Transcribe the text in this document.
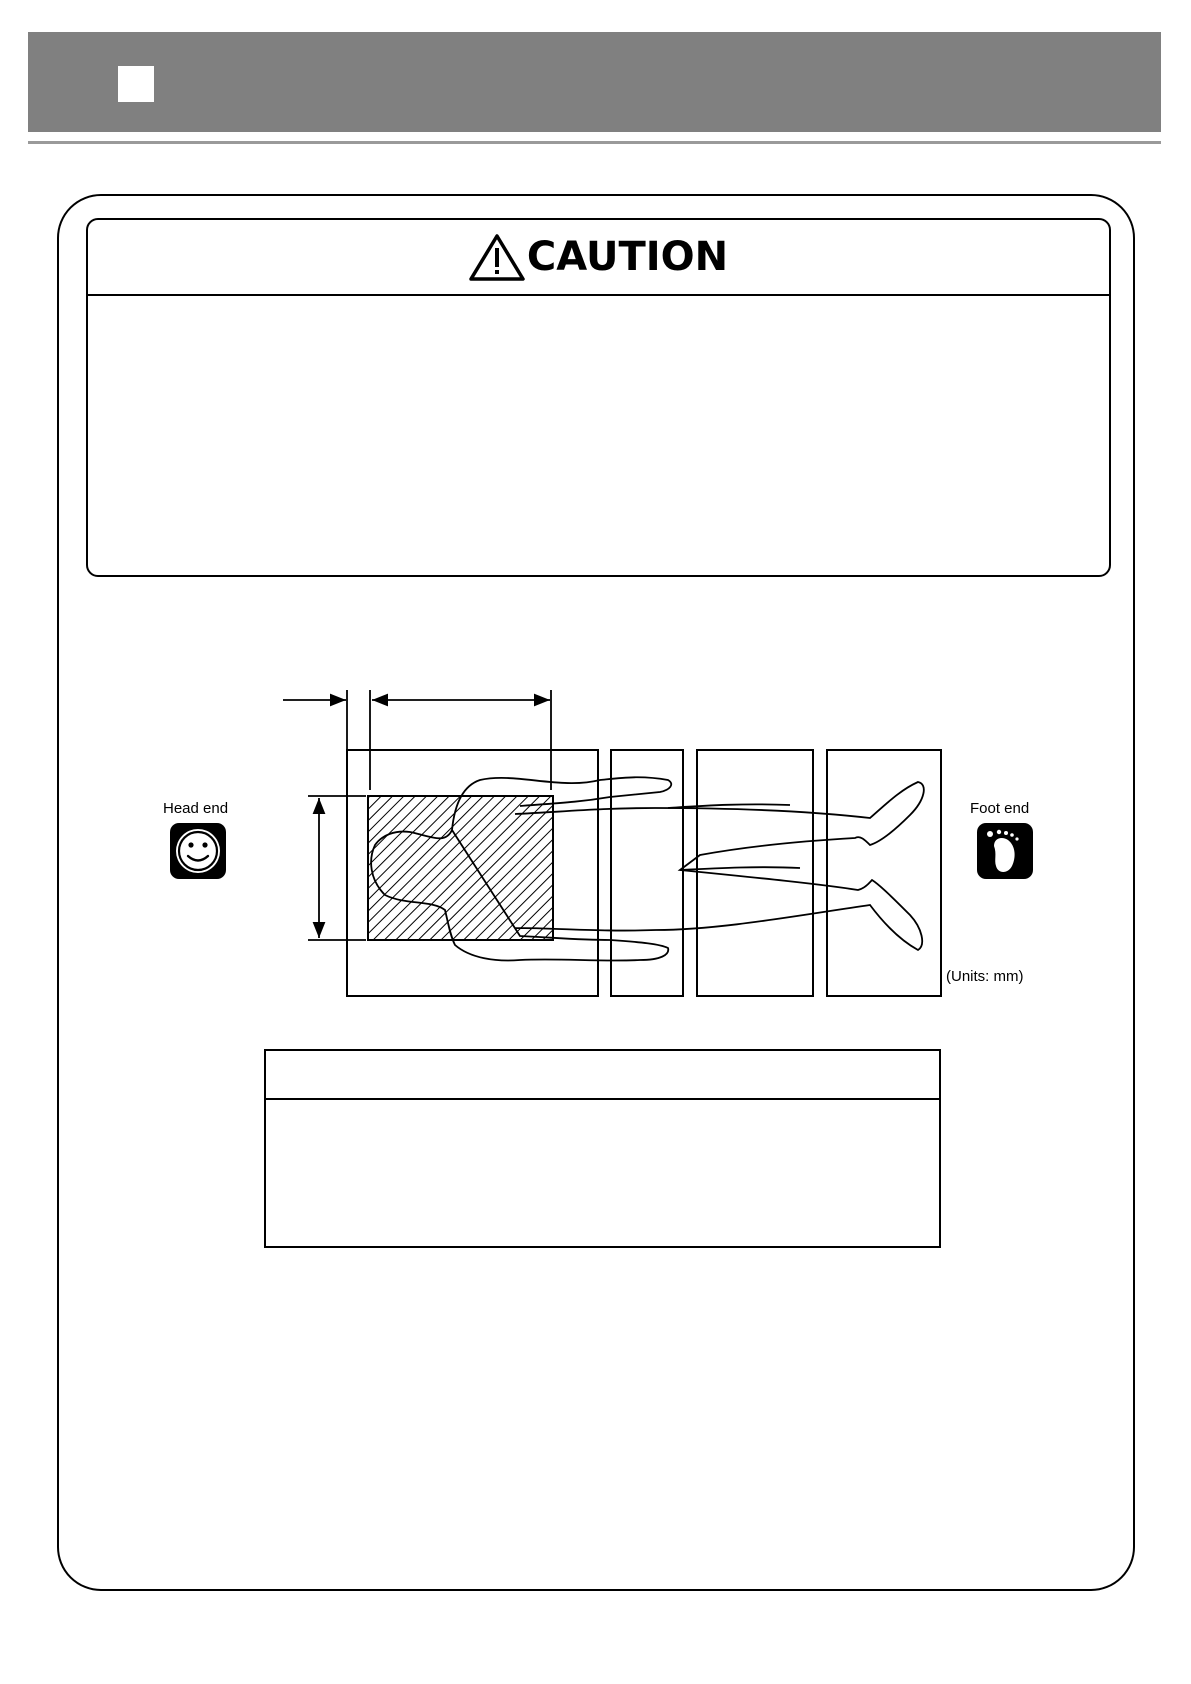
CAUTION
Head end	Foot end
(Units: mm)
